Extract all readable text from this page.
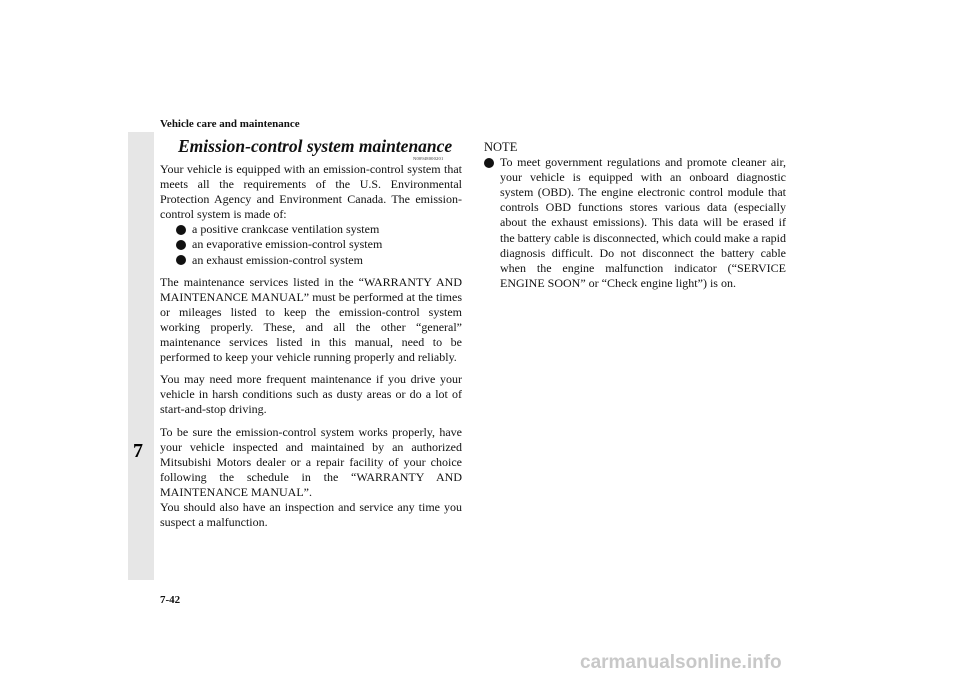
Vehicle care and maintenance
7
7-42
Emission-control system maintenance
N00948000201

Your vehicle is equipped with an emission-control system that meets all the requirements of the U.S. Environmental Protection Agency and Environment Canada. The emission-control system is made of:

a positive crankcase ventilation system
an evaporative emission-control system
an exhaust emission-control system

The maintenance services listed in the “WARRANTY AND MAINTENANCE MANUAL” must be performed at the times or mileages listed to keep the emission-control system working properly. These, and all the other “general” maintenance services listed in this manual, need to be performed to keep your vehicle running properly and reliably.

You may need more frequent maintenance if you drive your vehicle in harsh conditions such as dusty areas or do a lot of start-and-stop driving.

To be sure the emission-control system works properly, have your vehicle inspected and maintained by an authorized Mitsubishi Motors dealer or a repair facility of your choice following the schedule in the “WARRANTY AND MAINTENANCE MANUAL”.

You should also have an inspection and service any time you suspect a malfunction.

NOTE

To meet government regulations and promote cleaner air, your vehicle is equipped with an onboard diagnostic system (OBD). The engine electronic control module that controls OBD functions stores various data (especially about the exhaust emissions). This data will be erased if the battery cable is disconnected, which could make a rapid diagnosis difficult. Do not disconnect the battery cable when the engine malfunction indicator (“SERVICE ENGINE SOON” or “Check engine light”) is on.
carmanualsonline.info
